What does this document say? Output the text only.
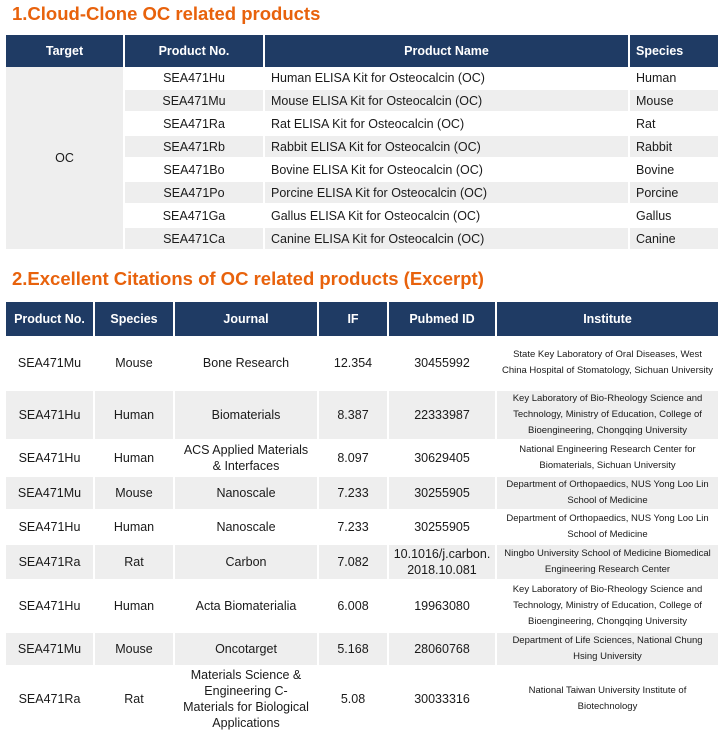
1.Cloud-Clone OC related products
Target	Product No.	Product Name	Species
OC	SEA471Hu	Human ELISA Kit for Osteocalcin (OC)	Human
	SEA471Mu	Mouse ELISA Kit for Osteocalcin (OC)	Mouse
	SEA471Ra	Rat ELISA Kit for Osteocalcin (OC)	Rat
	SEA471Rb	Rabbit ELISA Kit for Osteocalcin (OC)	Rabbit
	SEA471Bo	Bovine ELISA Kit for Osteocalcin (OC)	Bovine
	SEA471Po	Porcine ELISA Kit for Osteocalcin (OC)	Porcine
	SEA471Ga	Gallus ELISA Kit for Osteocalcin (OC)	Gallus
	SEA471Ca	Canine ELISA Kit for Osteocalcin (OC)	Canine
2.Excellent Citations of OC related products (Excerpt)
Product No.	Species	Journal	IF	Pubmed ID	Institute
SEA471Mu	Mouse	Bone Research	12.354	30455992	State Key Laboratory of Oral Diseases, West China Hospital of Stomatology, Sichuan University
SEA471Hu	Human	Biomaterials	8.387	22333987	Key Laboratory of Bio-Rheology Science and Technology, Ministry of Education, College of Bioengineering, Chongqing University
SEA471Hu	Human	ACS Applied Materials & Interfaces	8.097	30629405	National Engineering Research Center for Biomaterials, Sichuan University
SEA471Mu	Mouse	Nanoscale	7.233	30255905	Department of Orthopaedics, NUS Yong Loo Lin School of Medicine
SEA471Hu	Human	Nanoscale	7.233	30255905	Department of Orthopaedics, NUS Yong Loo Lin School of Medicine
SEA471Ra	Rat	Carbon	7.082	10.1016/j.carbon.2018.10.081	Ningbo University School of Medicine Biomedical Engineering Research Center
SEA471Hu	Human	Acta Biomaterialia	6.008	19963080	Key Laboratory of Bio-Rheology Science and Technology, Ministry of Education, College of Bioengineering, Chongqing University
SEA471Mu	Mouse	Oncotarget	5.168	28060768	Department of Life Sciences, National Chung Hsing University
SEA471Ra	Rat	Materials Science & Engineering C-Materials for Biological Applications	5.08	30033316	National Taiwan University Institute of Biotechnology
